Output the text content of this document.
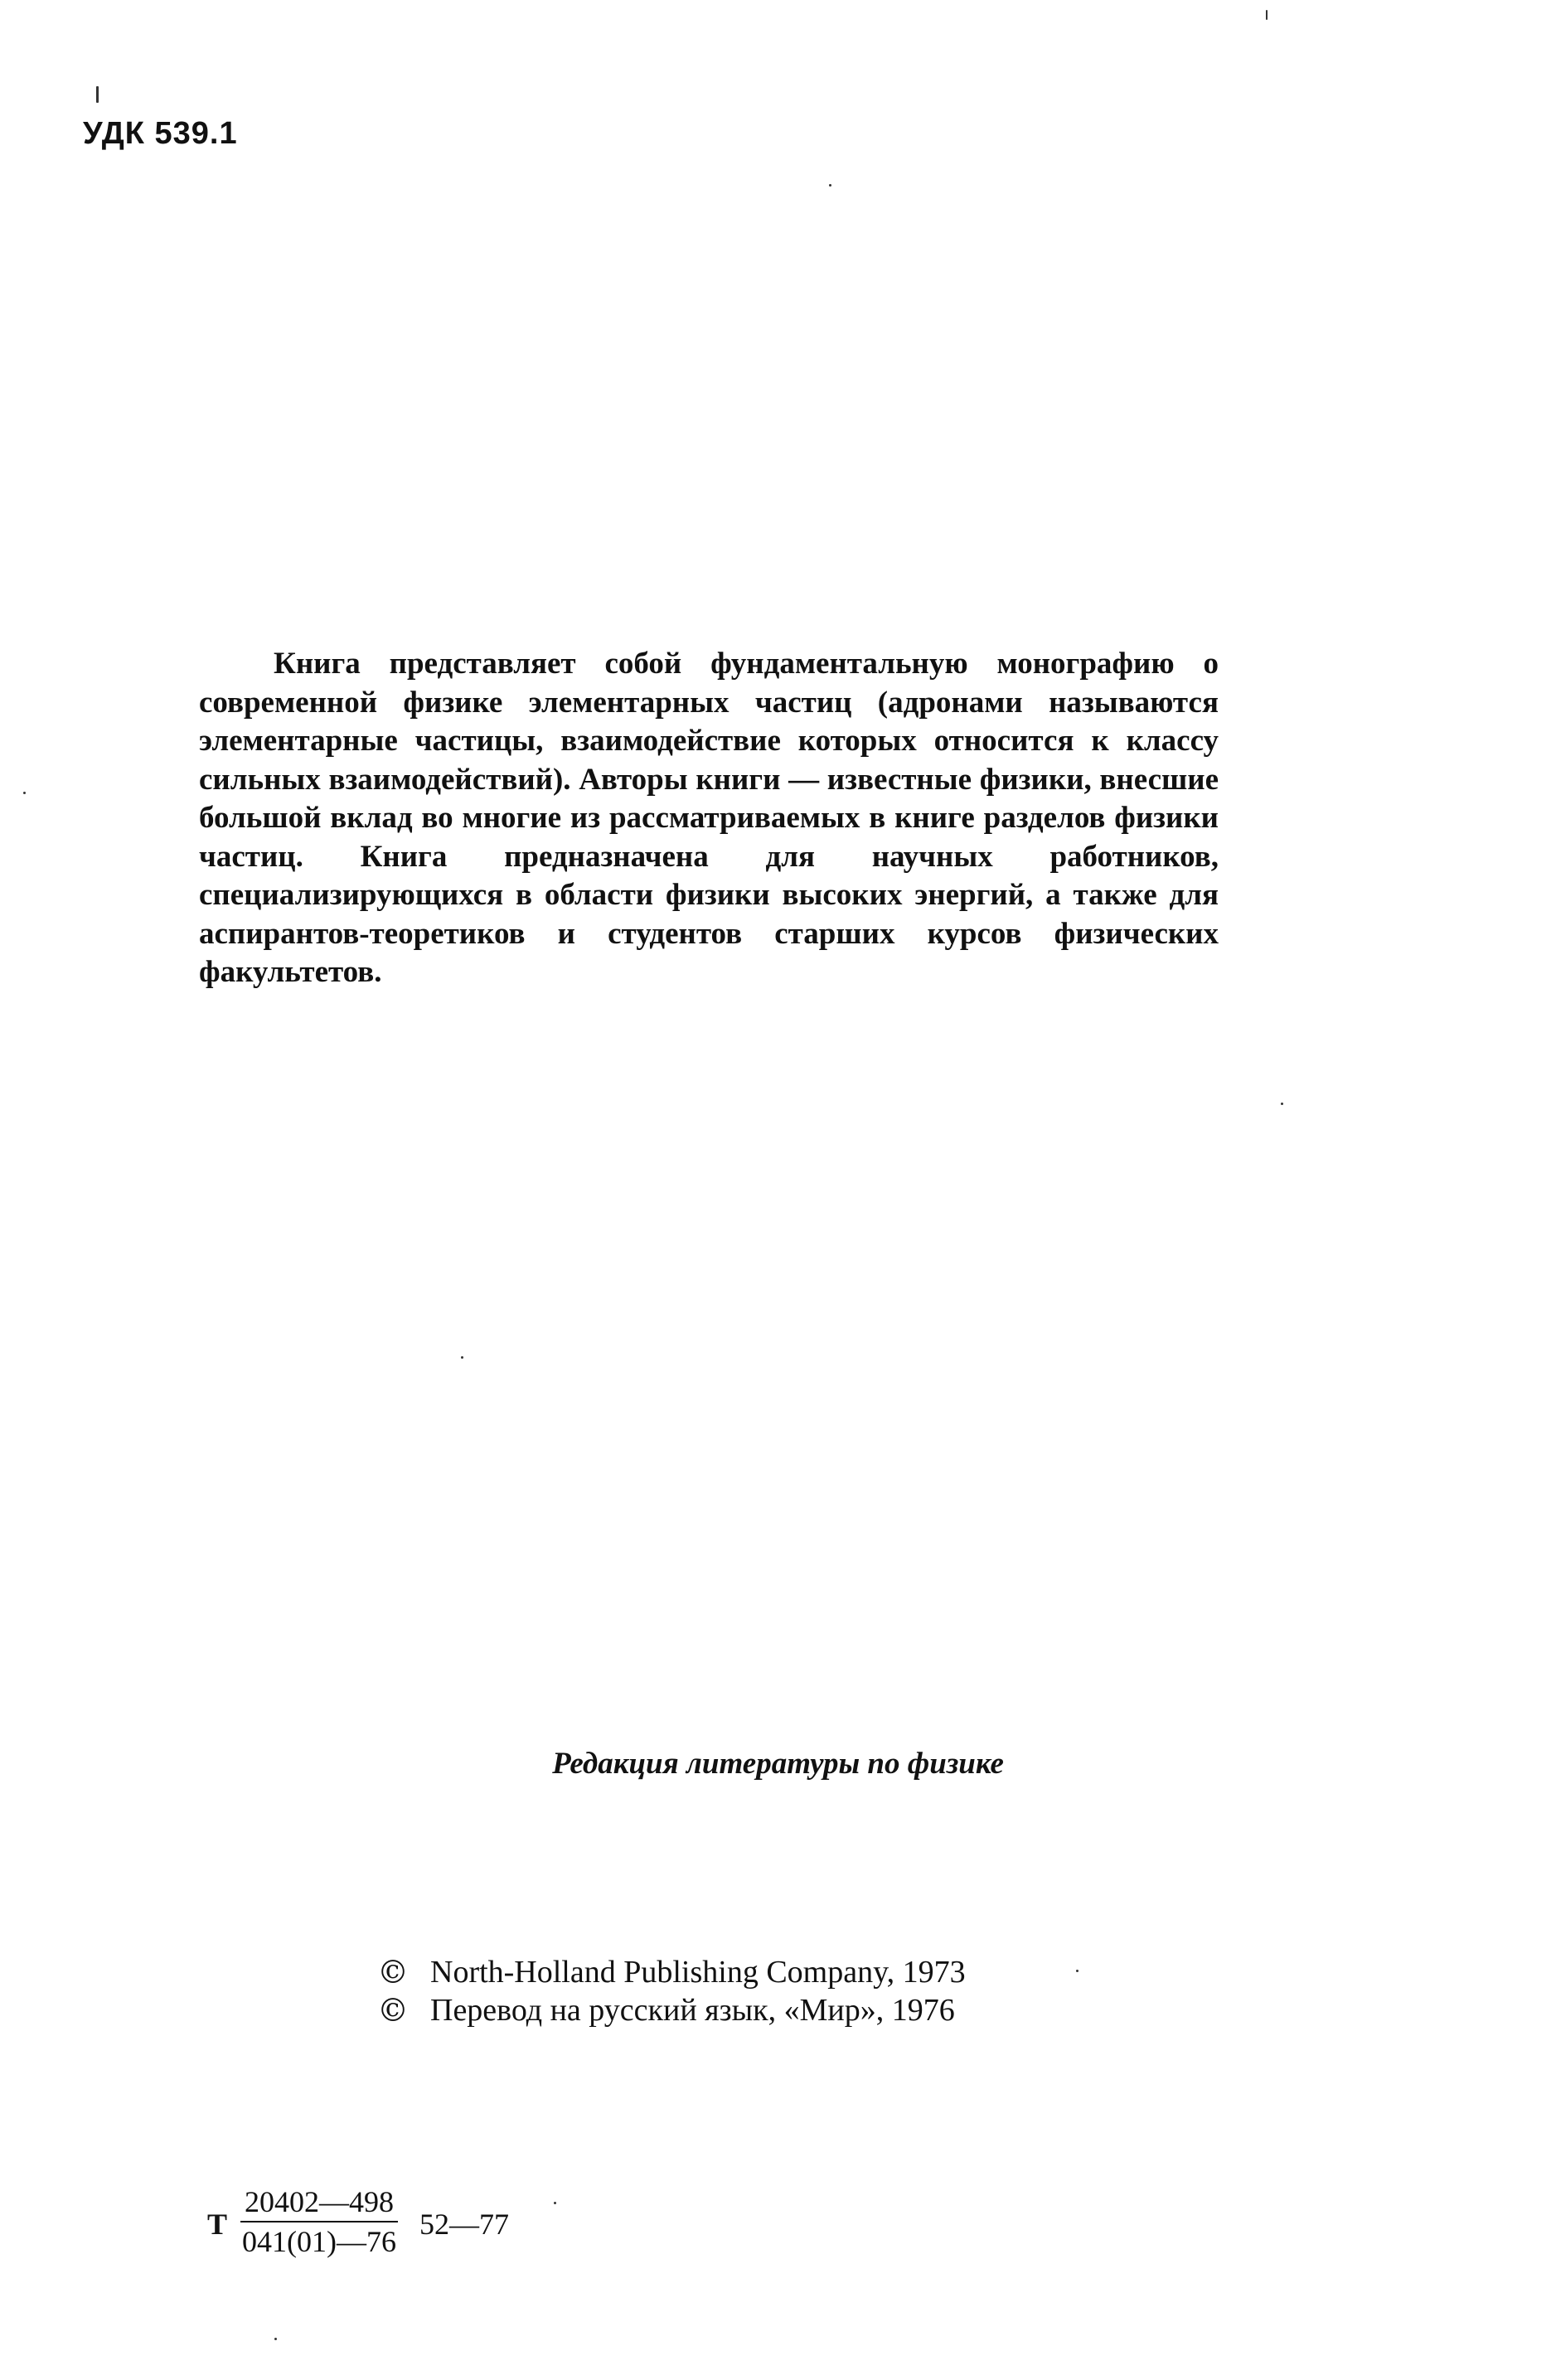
УДК 539.1

Книга представляет собой фундаментальную монографию о современной физике элементарных частиц (адронами называются элементарные частицы, взаимодействие которых относится к классу сильных взаимодействий). Авторы книги — известные физики, внесшие большой вклад во многие из рассматриваемых в книге разделов физики частиц. Книга предназначена для научных работников, специализирующихся в области физики высоких энергий, а также для аспирантов-теоретиков и студентов старших курсов физических факультетов.

Редакция литературы по физике
© North-Holland Publishing Company, 1973
© Перевод на русский язык, «Мир», 1976
Т $\frac{20402—498}{041(01)—76}$ 52—77
